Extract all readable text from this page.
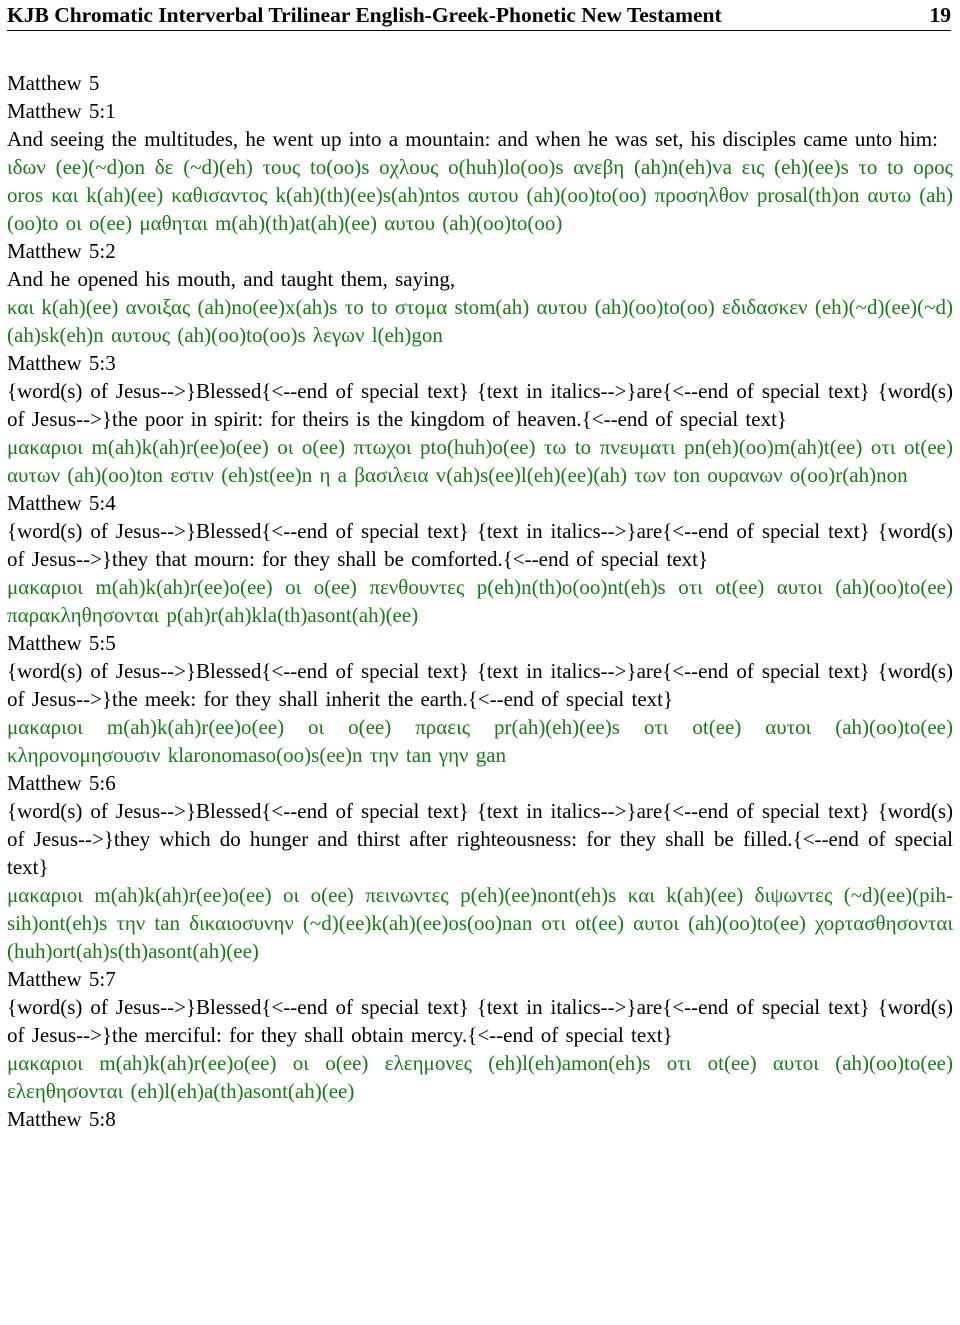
KJB Chromatic Interverbal Trilinear English-Greek-Phonetic New Testament	19

Matthew 5

Matthew 5:1

And seeing the multitudes, he went up into a mountain: and when he was set, his disciples came unto him:

ιδων (ee)(~d)on δε (~d)(eh) τους to(oo)s οχλους o(huh)lo(oo)s ανεβη (ah)n(eh)va εις (eh)(ee)s το to ορος oros και k(ah)(ee) καθισαντος k(ah)(th)(ee)s(ah)ntos αυτου (ah)(oo)to(oo) προσηλθον prosal(th)on αυτω (ah)(oo)to οι o(ee) μαθηται m(ah)(th)at(ah)(ee) αυτου (ah)(oo)to(oo)

Matthew 5:2

And he opened his mouth, and taught them, saying,

και k(ah)(ee) ανοιξας (ah)no(ee)x(ah)s το to στομα stom(ah) αυτου (ah)(oo)to(oo) εδιδασκεν (eh)(~d)(ee)(~d)(ah)sk(eh)n αυτους (ah)(oo)to(oo)s λεγων l(eh)gon

Matthew 5:3

{word(s) of Jesus-->}Blessed{<--end of special text} {text in italics-->}are{<--end of special text} {word(s) of Jesus-->}the poor in spirit: for theirs is the kingdom of heaven.{<--end of special text}

μακαριοι m(ah)k(ah)r(ee)o(ee) οι o(ee) πτωχοι pto(huh)o(ee) τω to πνευματι pn(eh)(oo)m(ah)t(ee) οτι ot(ee) αυτων (ah)(oo)ton εστιν (eh)st(ee)n η a βασιλεια v(ah)s(ee)l(eh)(ee)(ah) των ton ουρανων o(oo)r(ah)non

Matthew 5:4

{word(s) of Jesus-->}Blessed{<--end of special text} {text in italics-->}are{<--end of special text} {word(s) of Jesus-->}they that mourn: for they shall be comforted.{<--end of special text}

μακαριοι m(ah)k(ah)r(ee)o(ee) οι o(ee) πενθουντες p(eh)n(th)o(oo)nt(eh)s οτι ot(ee) αυτοι (ah)(oo)to(ee) παρακληθησονται p(ah)r(ah)kla(th)asont(ah)(ee)

Matthew 5:5

{word(s) of Jesus-->}Blessed{<--end of special text} {text in italics-->}are{<--end of special text} {word(s) of Jesus-->}the meek: for they shall inherit the earth.{<--end of special text}

μακαριοι m(ah)k(ah)r(ee)o(ee) οι o(ee) πραεις pr(ah)(eh)(ee)s οτι ot(ee) αυτοι (ah)(oo)to(ee) κληρονομησουσιν klaronomaso(oo)s(ee)n την tan γην gan

Matthew 5:6

{word(s) of Jesus-->}Blessed{<--end of special text} {text in italics-->}are{<--end of special text} {word(s) of Jesus-->}they which do hunger and thirst after righteousness: for they shall be filled.{<--end of special text}

μακαριοι m(ah)k(ah)r(ee)o(ee) οι o(ee) πεινωντες p(eh)(ee)nont(eh)s και k(ah)(ee) διψωντες (~d)(ee)(pih-sih)ont(eh)s την tan δικαιοσυνην (~d)(ee)k(ah)(ee)os(oo)nan οτι ot(ee) αυτοι (ah)(oo)to(ee) χορτασθησονται (huh)ort(ah)s(th)asont(ah)(ee)

Matthew 5:7

{word(s) of Jesus-->}Blessed{<--end of special text} {text in italics-->}are{<--end of special text} {word(s) of Jesus-->}the merciful: for they shall obtain mercy.{<--end of special text}

μακαριοι m(ah)k(ah)r(ee)o(ee) οι o(ee) ελεημονες (eh)l(eh)amon(eh)s οτι ot(ee) αυτοι (ah)(oo)to(ee) ελεηθησονται (eh)l(eh)a(th)asont(ah)(ee)

Matthew 5:8
